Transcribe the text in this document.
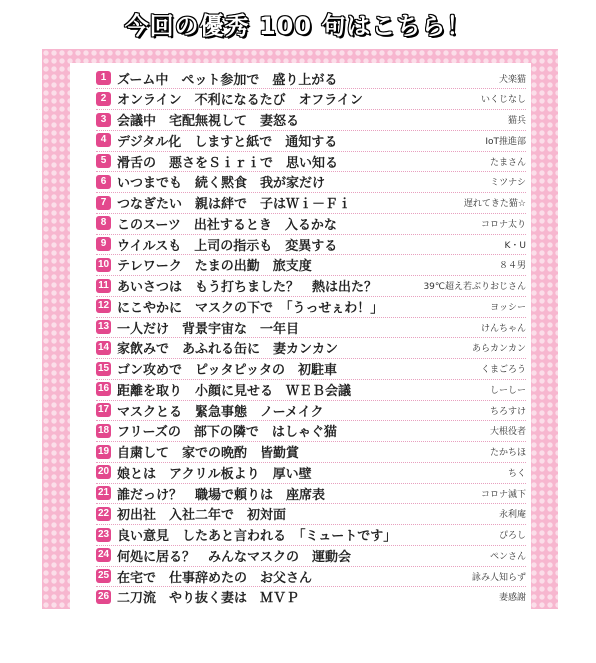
今回の優秀 100 句はこちら！
1 ズーム中　ペット参加で　盛り上がる	犬楽猫
2 オンライン　不利になるたび　オフライン	いくじなし
3 会議中　宅配無視して　妻怒る	猫兵
4 デジタル化　しますと紙で　通知する	IoT推進部
5 滑舌の　悪さをＳｉｒｉで　思い知る	たまさん
6 いつまでも　続く黙食　我が家だけ	ミツナシ
7 つなぎたい　親は絆で　子はＷｉ－Ｆｉ	遅れてきた猫☆
8 このスーツ　出社するとき　入るかな	コロナ太り
9 ウイルスも　上司の指示も　変異する	K・U
10 テレワーク　たまの出勤　旅支度	８４男
11 あいさつは　もう打ちました？　熱は出た？	39℃超え若ぶりおじさん
12 にこやかに　マスクの下で　「うっせぇわ！」	ヨッシー
13 一人だけ　背景宇宙な　一年目	けんちゃん
14 家飲みで　あふれる缶に　妻カンカン	あらカンカン
15 ゴン攻めで　ピッタピッタの　初駐車	くまごろう
16 距離を取り　小顔に見せる　ＷＥＢ会議	しーしー
17 マスクとる　緊急事態　ノーメイク	ちろすけ
18 フリーズの　部下の隣で　はしゃぐ猫	大根役者
19 自粛して　家での晩酌　皆勤賞	たかちほ
20 娘とは　アクリル板より　厚い壁	ちく
21 誰だっけ？　職場で頼りは　座席表	コロナ滅下
22 初出社　入社二年で　初対面	永利庵
23 良い意見　したあと言われる　「ミュートです」	ぴろし
24 何処に居る？　みんなマスクの　運動会	ペンさん
25 在宅で　仕事辞めたの　お父さん	詠み人知らず
26 二刀流　やり抜く妻は　ＭＶＰ	妻感謝
